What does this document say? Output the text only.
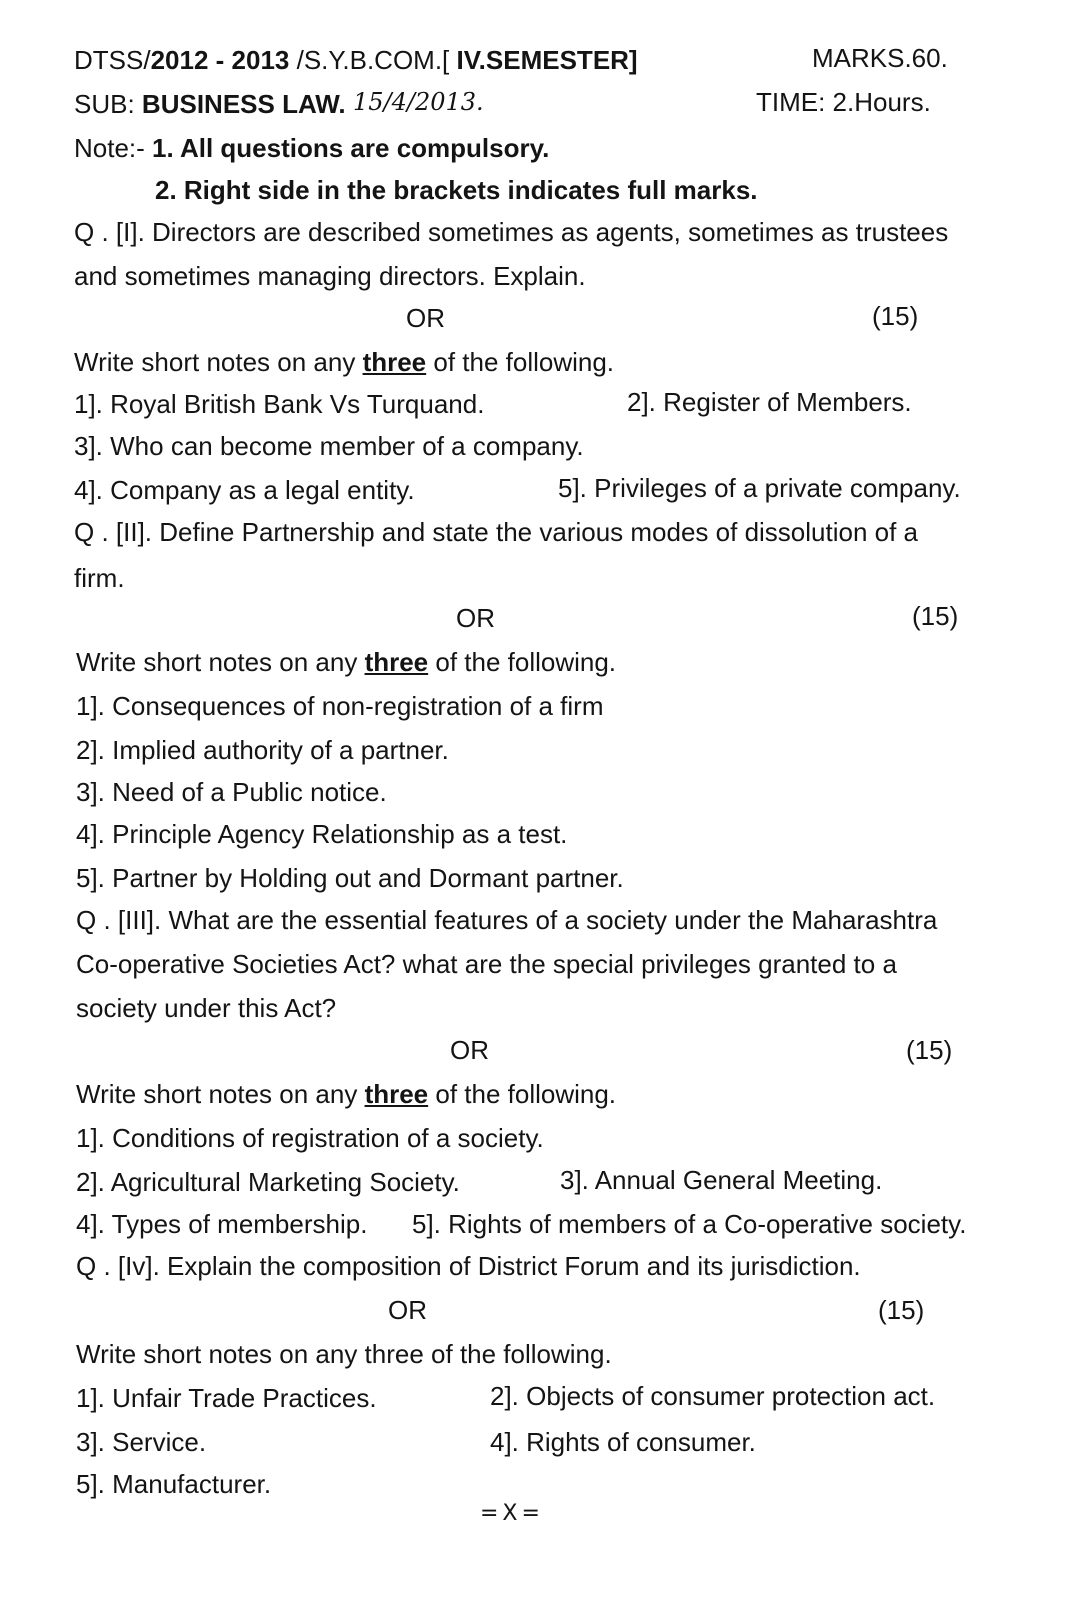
DTSS/2012 - 2013 /S.Y.B.COM.[ IV.SEMESTER]	MARKS.60.
SUB: BUSINESS LAW. 15/4/2013.	TIME: 2.Hours.
Note:- 1. All questions are compulsory.
2. Right side in the brackets indicates full marks.
Q . [I]. Directors are described sometimes as agents, sometimes as trustees
and sometimes managing directors. Explain.
OR	(15)
Write short notes on any three of the following.
1]. Royal British Bank Vs Turquand.	2]. Register of Members.
3]. Who can become member of a company.
4]. Company as a legal entity.	5]. Privileges of a private company.
Q . [II]. Define Partnership and state the various modes of dissolution of a
firm.
OR	(15)
Write short notes on any three of the following.
1]. Consequences of non-registration of a firm
2]. Implied authority of a partner.
3]. Need of a Public notice.
4]. Principle Agency Relationship as a test.
5]. Partner by Holding out and Dormant partner.
Q . [III]. What are the essential features of a society under the Maharashtra
Co-operative Societies Act? what are the special privileges granted to a
society under this Act?
OR	(15)
Write short notes on any three of the following.
1]. Conditions of registration of a society.
2]. Agricultural Marketing Society.	3]. Annual General Meeting.
4]. Types of membership. 5]. Rights of members of a Co-operative society.
Q . [Iv]. Explain the composition of District Forum and its jurisdiction.
OR	(15)
Write short notes on any three of the following.
1]. Unfair Trade Practices.	2]. Objects of consumer protection act.
3]. Service.	4]. Rights of consumer.
5]. Manufacturer.
=X=
